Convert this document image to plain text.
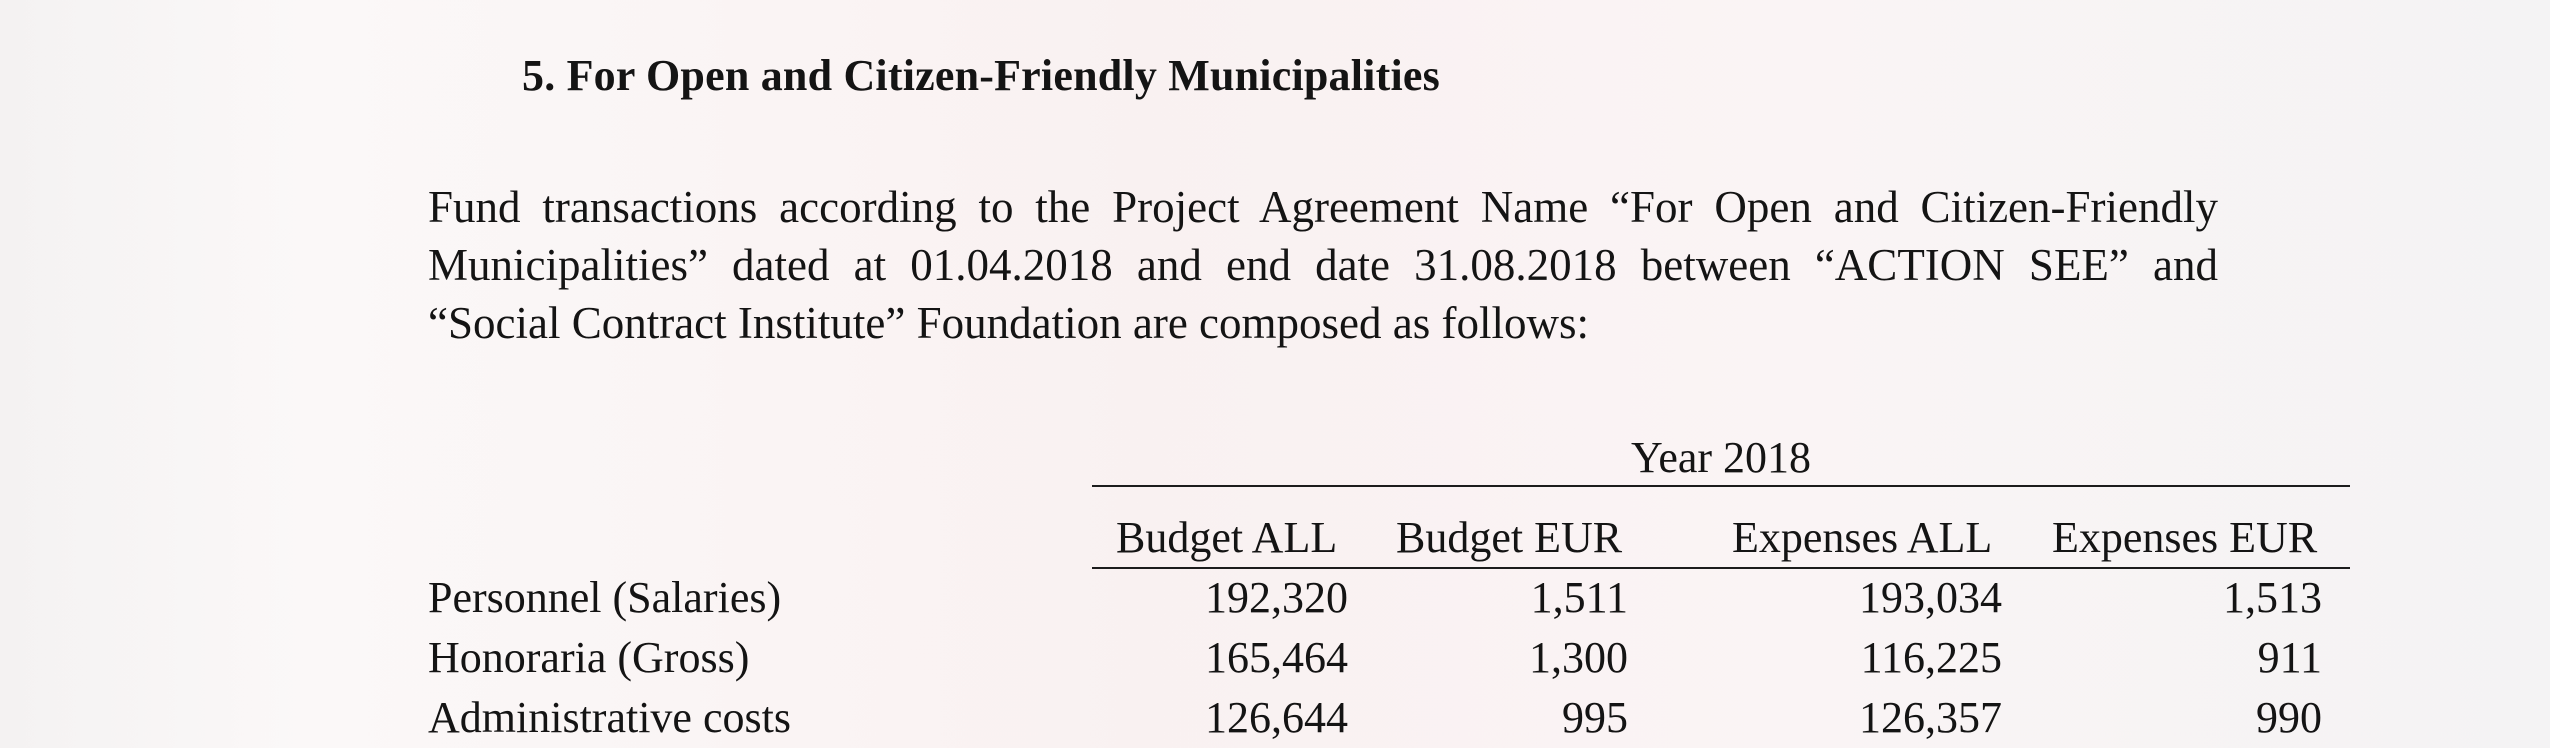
5. For Open and Citizen-Friendly Municipalities

Fund transactions according to the Project Agreement Name “For Open and Citizen-Friendly Municipalities” dated at 01.04.2018 and end date 31.08.2018 between “ACTION SEE” and “Social Contract Institute” Foundation are composed as follows:

Year 2018
Budget ALL Budget EUR Expenses ALL Expenses EUR
Personnel (Salaries)	192,320	1,511	193,034	1,513
Honoraria (Gross)	165,464	1,300	116,225	911
Administrative costs	126,644	995	126,357	990
